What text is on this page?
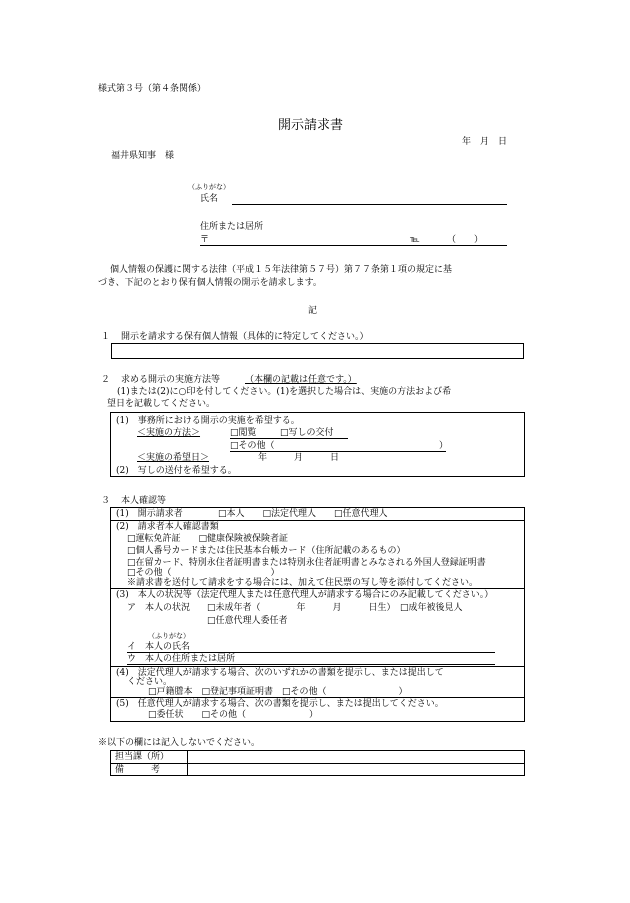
様式第３号（第４条関係）
開示請求書
年　月　日
福井県知事　様
（ふりがな）
氏名
住所または居所
〒	℡	（　　）
個人情報の保護に関する法律（平成１５年法律第５７号）第７７条第１項の規定に基
づき、下記のとおり保有個人情報の開示を請求します。
記
１ 開示を請求する保有個人情報（具体的に特定してください。）
２ 求める開示の実施方法等	（本欄の記載は任意です。）
(1)または(2)に○印を付してください。(1)を選択した場合は、実施の方法および希
望日を記載してください。
(1)　事務所における開示の実施を希望する。
＜実施の方法＞	□閲覧	□写しの交付
□その他（	）
＜実施の希望日＞	年　　　月　　　日
(2)　写しの送付を希望する。
３ 本人確認等
(1)　開示請求者	□本人　　□法定代理人　　□任意代理人
(2)　請求者本人確認書類
□運転免許証　　□健康保険被保険者証
□個人番号カードまたは住民基本台帳カード（住所記載のあるもの）
□在留カード、特別永住者証明書または特別永住者証明書とみなされる外国人登録証明書
□その他（　　　　　　　　　　　）
※請求書を送付して請求をする場合には、加えて住民票の写し等を添付してください。
(3)　本人の状況等（法定代理人または任意代理人が請求する場合にのみ記載してください。）
ア　本人の状況 □未成年者（　　　　年　　　月　　　日生）　□成年被後見人
□任意代理人委任者
（ふりがな）
イ　本人の氏名
ウ　本人の住所または居所
(4)　法定代理人が請求する場合、次のいずれかの書類を提示し、または提出して
ください。
□戸籍謄本　□登記事項証明書　□その他（　　　　　　　　）
(5)　任意代理人が請求する場合、次の書類を提示し、または提出してください。
□委任状　　□その他（　　　　　　　）
※以下の欄には記入しないでください。
担当課（所）
備　　　考
